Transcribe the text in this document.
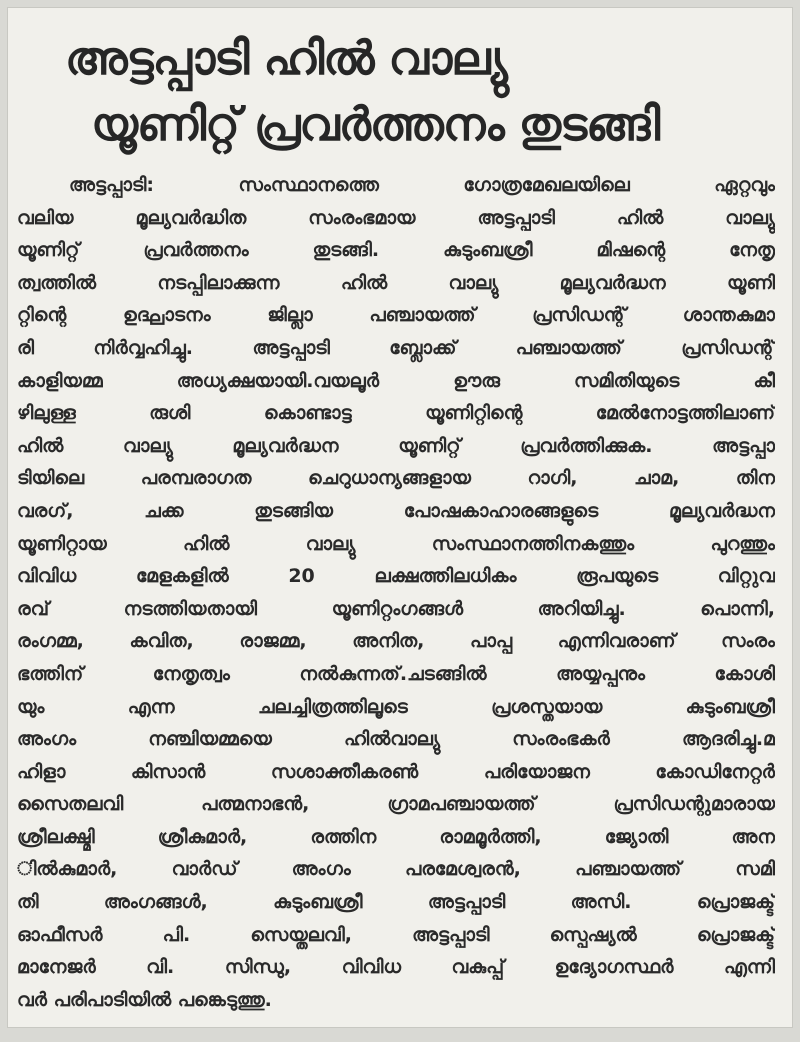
അട്ടപ്പാടി ഹിൽ വാല്യു
യൂണിറ്റ് പ്രവർത്തനം തുടങ്ങി
അട്ടപ്പാടി:	സംസ്ഥാനത്തെ ഗോത്രമേഖലയിലെ ഏറ്റവും
വലിയ മൂല്യവർദ്ധിത സംരംഭമായ അട്ടപ്പാടി ഹിൽ വാല്യു
യൂണിറ്റ് പ്രവർത്തനം തുടങ്ങി. കുടുംബശ്രീ മിഷന്റെ നേതൃ
ത്വത്തിൽ നടപ്പിലാക്കുന്ന ഹിൽ വാല്യു മൂല്യവർദ്ധന യൂണി
റ്റിന്റെ ഉദ്ഘാടനം ജില്ലാ പഞ്ചായത്ത് പ്രസിഡന്റ് ശാന്തകുമാ
രി നിർവ്വഹിച്ചു. അട്ടപ്പാടി ബ്ലോക്ക് പഞ്ചായത്ത് പ്രസിഡന്റ്
കാളിയമ്മ അധ്യക്ഷയായി.വയലൂർ ഊരു സമിതിയുടെ കീ
ഴിലുള്ള രുശി കൊണ്ടാട്ട യൂണിറ്റിന്റെ മേൽനോട്ടത്തിലാണ്
ഹിൽ വാല്യു മൂല്യവർദ്ധന യൂണിറ്റ് പ്രവർത്തിക്കുക. അട്ടപ്പാ
ടിയിലെ പരമ്പരാഗത ചെറുധാന്യങ്ങളായ റാഗി, ചാമ, തിന
വരഗ്, ചക്ക തുടങ്ങിയ പോഷകാഹാരങ്ങളുടെ മൂല്യവർദ്ധന
യൂണിറ്റായ ഹിൽ വാല്യു സംസ്ഥാനത്തിനകത്തും പുറത്തും
വിവിധ മേളകളിൽ 20 ലക്ഷത്തിലധികം രൂപയുടെ വിറ്റുവ
രവ് നടത്തിയതായി യൂണിറ്റംഗങ്ങൾ അറിയിച്ചു. പൊന്നി,
രംഗമ്മ, കവിത, രാജമ്മ, അനിത, പാപ്പ എന്നിവരാണ് സംരം
ഭത്തിന് നേതൃത്വം നൽകുന്നത്.ചടങ്ങിൽ അയ്യപ്പനും കോശി
യും എന്ന ചലച്ചിത്രത്തിലൂടെ പ്രശസ്തയായ കുടുംബശ്രീ
അംഗം നഞ്ചിയമ്മയെ ഹിൽവാല്യു സംരംഭകർ ആദരിച്ചു.മ
ഹിളാ കിസാൻ സശാക്തീകരൺ പരിയോജന കോഡിനേറ്റർ
സൈതലവി പത്മനാഭൻ, ഗ്രാമപഞ്ചായത്ത് പ്രസിഡന്റുമാരായ
ശ്രീലക്ഷ്മി ശ്രീകുമാർ, രത്തിന രാമമൂർത്തി, ജ്യോതി അന
ിൽകുമാർ, വാർഡ് അംഗം പരമേശ്വരൻ, പഞ്ചായത്ത് സമി
തി അംഗങ്ങൾ, കുടുംബശ്രീ അട്ടപ്പാടി അസി. പ്രൊജക്ട്
ഓഫീസർ പി. സെയ്തലവി, അട്ടപ്പാടി സ്പെഷ്യൽ പ്രൊജക്ട്
മാനേജർ വി. സിന്ധു, വിവിധ വകുപ്പ് ഉദ്യോഗസ്ഥർ എന്നി
വർ പരിപാടിയിൽ പങ്കെടുത്തു.
